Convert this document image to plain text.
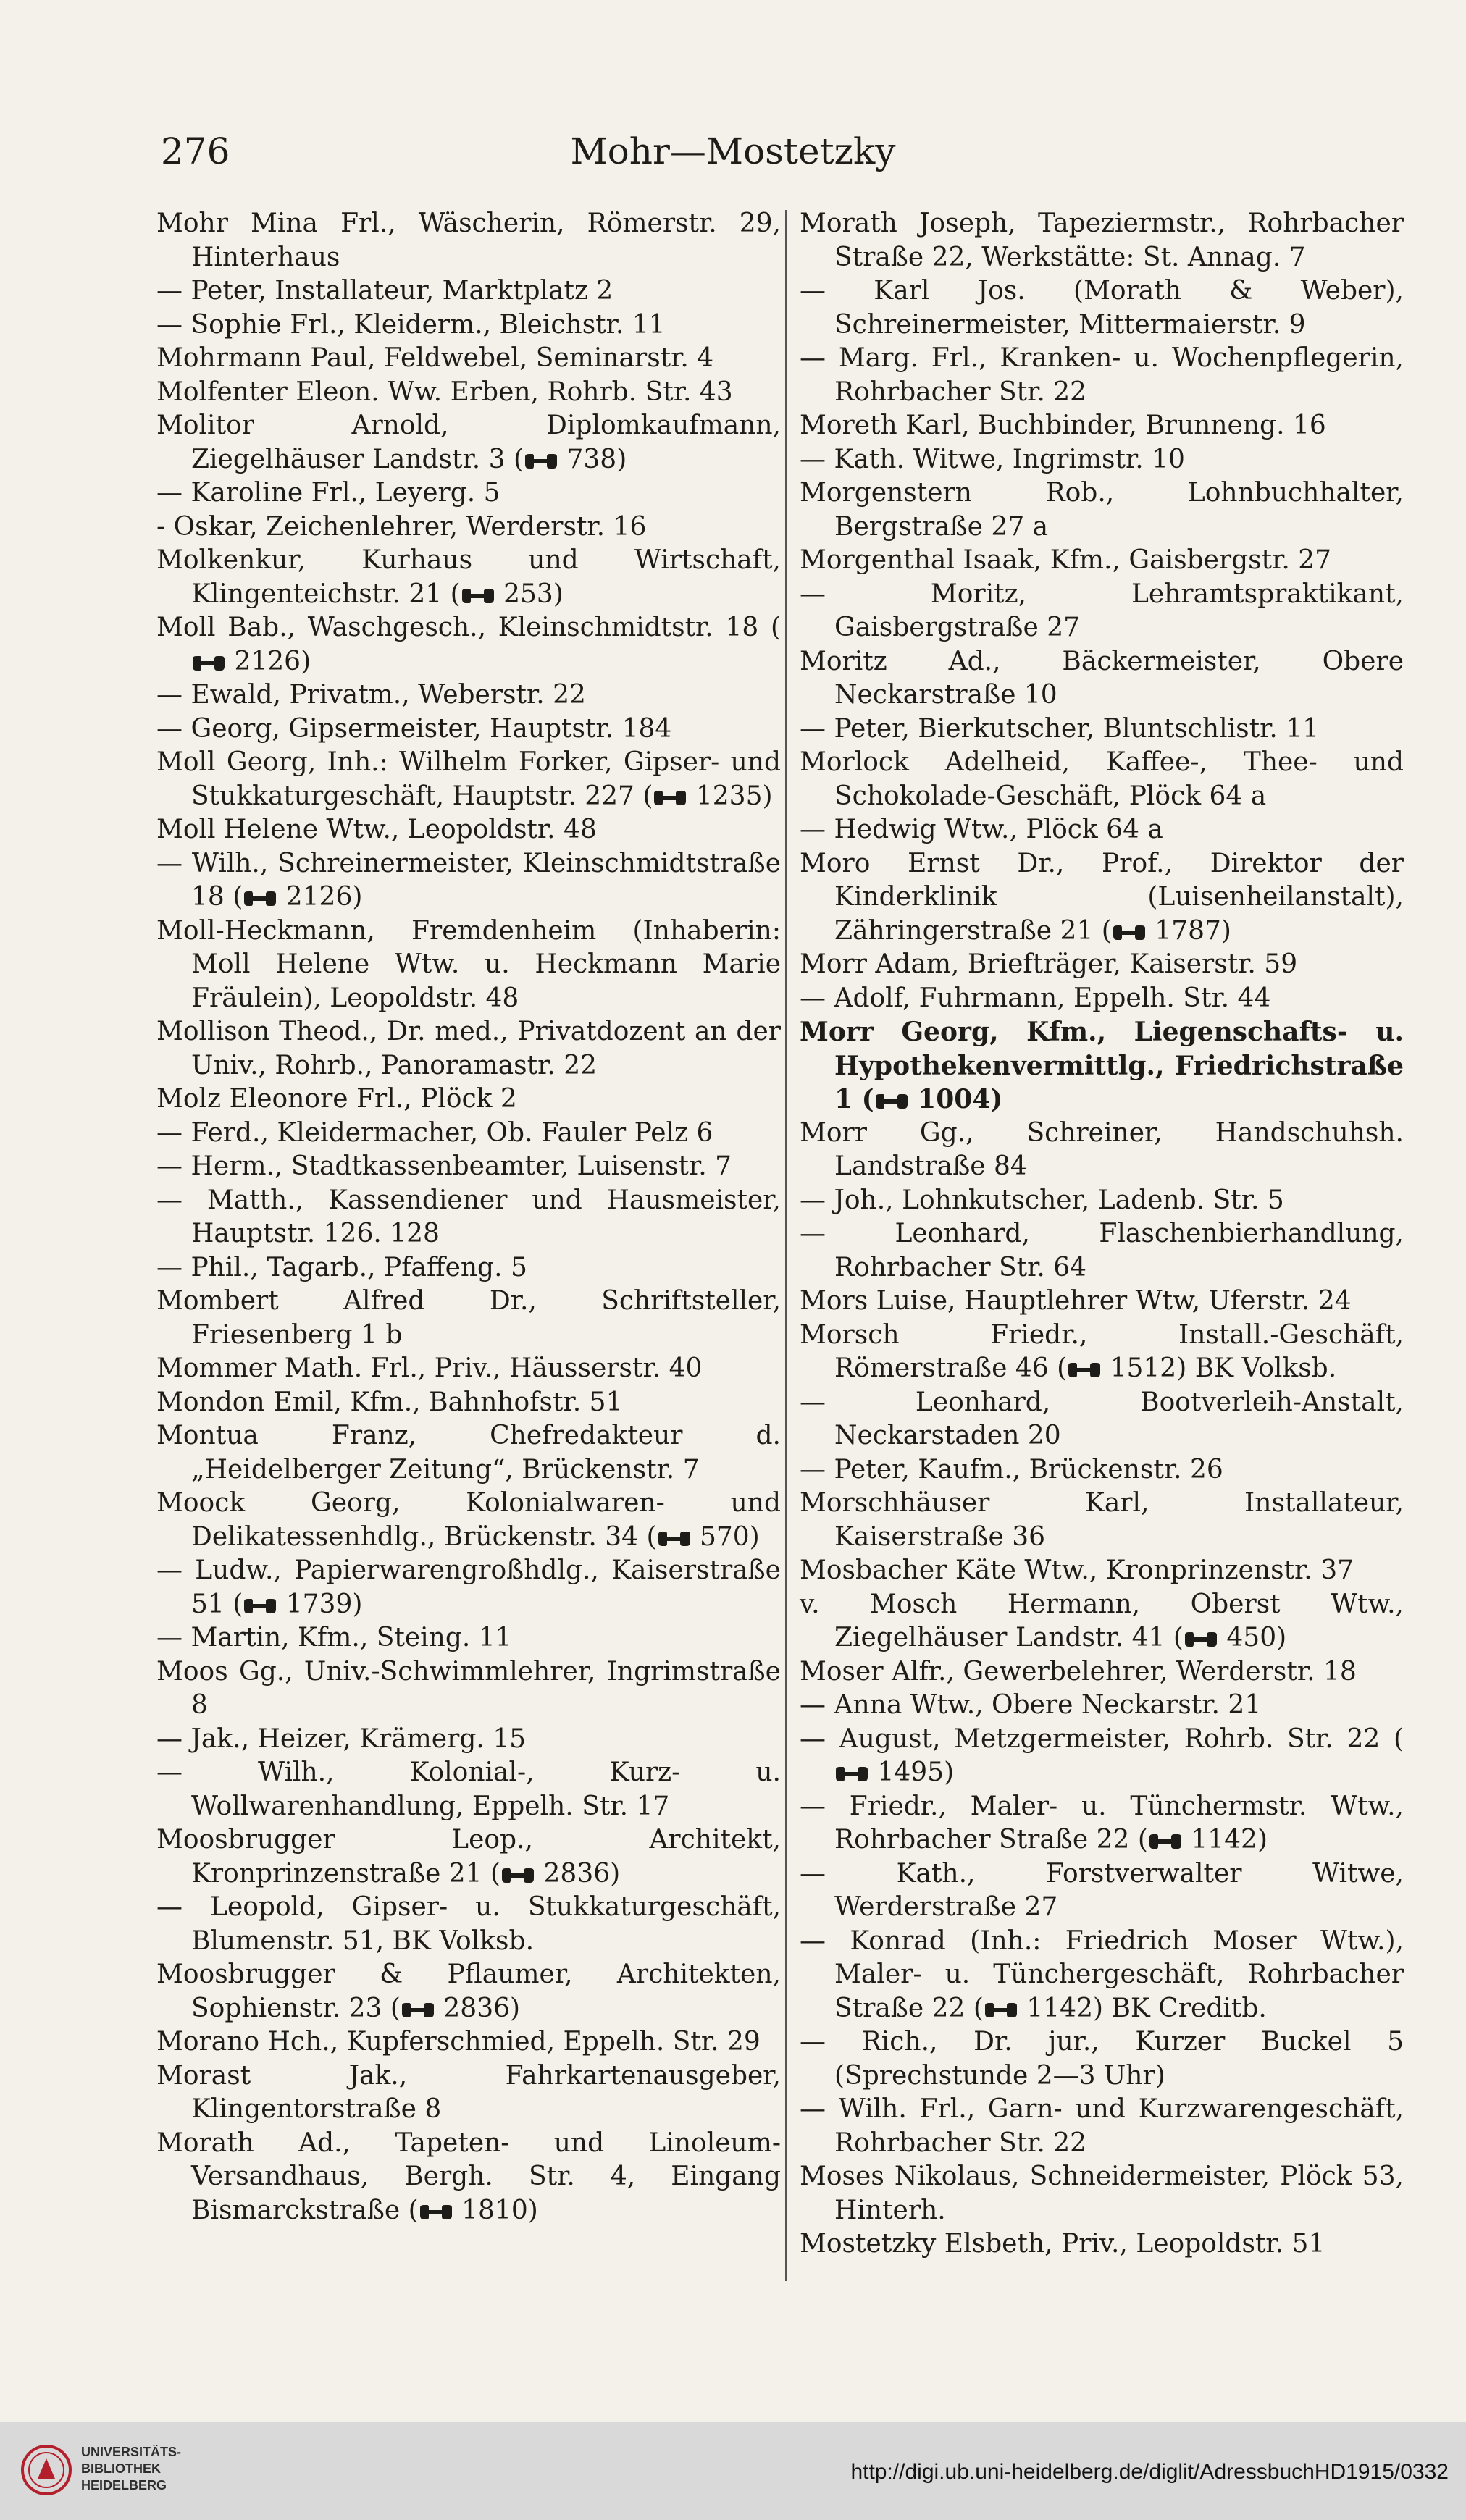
276	Mohr—Mostetzky
Mohr Mina Frl., Wäscherin, Römerstr. 29, Hinterhaus
— Peter, Installateur, Marktplatz 2
— Sophie Frl., Kleiderm., Bleichstr. 11
Mohrmann Paul, Feldwebel, Seminarstr. 4
Molfenter Eleon. Ww. Erben, Rohrb. Str. 43
Molitor Arnold, Diplomkaufmann, Ziegelhäuser Landstr. 3 ( 738)
— Karoline Frl., Leyerg. 5
- Oskar, Zeichenlehrer, Werderstr. 16
Molkenkur, Kurhaus und Wirtschaft, Klingenteichstr. 21 ( 253)
Moll Bab., Waschgesch., Kleinschmidtstr. 18 ( 2126)
— Ewald, Privatm., Weberstr. 22
— Georg, Gipsermeister, Hauptstr. 184
Moll Georg, Inh.: Wilhelm Forker, Gipser- und Stukkaturgeschäft, Hauptstr. 227 ( 1235)
Moll Helene Wtw., Leopoldstr. 48
— Wilh., Schreinermeister, Kleinschmidtstraße 18 ( 2126)
Moll-Heckmann, Fremdenheim (Inhaberin: Moll Helene Wtw. u. Heckmann Marie Fräulein), Leopoldstr. 48
Mollison Theod., Dr. med., Privatdozent an der Univ., Rohrb., Panoramastr. 22
Molz Eleonore Frl., Plöck 2
— Ferd., Kleidermacher, Ob. Fauler Pelz 6
— Herm., Stadtkassenbeamter, Luisenstr. 7
— Matth., Kassendiener und Hausmeister, Hauptstr. 126. 128
— Phil., Tagarb., Pfaffeng. 5
Mombert Alfred Dr., Schriftsteller, Friesenberg 1 b
Mommer Math. Frl., Priv., Häusserstr. 40
Mondon Emil, Kfm., Bahnhofstr. 51
Montua Franz, Chefredakteur d. „Heidelberger Zeitung“, Brückenstr. 7
Moock Georg, Kolonialwaren- und Delikatessenhdlg., Brückenstr. 34 ( 570)
— Ludw., Papierwarengroßhdlg., Kaiserstraße 51 ( 1739)
— Martin, Kfm., Steing. 11
Moos Gg., Univ.-Schwimmlehrer, Ingrimstraße 8
— Jak., Heizer, Krämerg. 15
— Wilh., Kolonial-, Kurz- u. Wollwarenhandlung, Eppelh. Str. 17
Moosbrugger Leop., Architekt, Kronprinzenstraße 21 ( 2836)
— Leopold, Gipser- u. Stukkaturgeschäft, Blumenstr. 51, BK Volksb.
Moosbrugger & Pflaumer, Architekten, Sophienstr. 23 ( 2836)
Morano Hch., Kupferschmied, Eppelh. Str. 29
Morast Jak., Fahrkartenausgeber, Klingentorstraße 8
Morath Ad., Tapeten- und Linoleum-Versandhaus, Bergh. Str. 4, Eingang Bismarckstraße ( 1810)
Morath Joseph, Tapeziermstr., Rohrbacher Straße 22, Werkstätte: St. Annag. 7
— Karl Jos. (Morath & Weber), Schreinermeister, Mittermaierstr. 9
— Marg. Frl., Kranken- u. Wochenpflegerin, Rohrbacher Str. 22
Moreth Karl, Buchbinder, Brunneng. 16
— Kath. Witwe, Ingrimstr. 10
Morgenstern Rob., Lohnbuchhalter, Bergstraße 27 a
Morgenthal Isaak, Kfm., Gaisbergstr. 27
— Moritz, Lehramtspraktikant, Gaisbergstraße 27
Moritz Ad., Bäckermeister, Obere Neckarstraße 10
— Peter, Bierkutscher, Bluntschlistr. 11
Morlock Adelheid, Kaffee-, Thee- und Schokolade-Geschäft, Plöck 64 a
— Hedwig Wtw., Plöck 64 a
Moro Ernst Dr., Prof., Direktor der Kinderklinik (Luisenheilanstalt), Zähringerstraße 21 ( 1787)
Morr Adam, Briefträger, Kaiserstr. 59
— Adolf, Fuhrmann, Eppelh. Str. 44
Morr Georg, Kfm., Liegenschafts- u. Hypothekenvermittlg., Friedrichstraße 1 ( 1004)
Morr Gg., Schreiner, Handschuhsh. Landstraße 84
— Joh., Lohnkutscher, Ladenb. Str. 5
— Leonhard, Flaschenbierhandlung, Rohrbacher Str. 64
Mors Luise, Hauptlehrer Wtw, Uferstr. 24
Morsch Friedr., Install.-Geschäft, Römerstraße 46 ( 1512) BK Volksb.
— Leonhard, Bootverleih-Anstalt, Neckarstaden 20
— Peter, Kaufm., Brückenstr. 26
Morschhäuser Karl, Installateur, Kaiserstraße 36
Mosbacher Käte Wtw., Kronprinzenstr. 37
v. Mosch Hermann, Oberst Wtw., Ziegelhäuser Landstr. 41 ( 450)
Moser Alfr., Gewerbelehrer, Werderstr. 18
— Anna Wtw., Obere Neckarstr. 21
— August, Metzgermeister, Rohrb. Str. 22 ( 1495)
— Friedr., Maler- u. Tünchermstr. Wtw., Rohrbacher Straße 22 ( 1142)
— Kath., Forstverwalter Witwe, Werderstraße 27
— Konrad (Inh.: Friedrich Moser Wtw.), Maler- u. Tünchergeschäft, Rohrbacher Straße 22 ( 1142) BK Creditb.
— Rich., Dr. jur., Kurzer Buckel 5 (Sprechstunde 2—3 Uhr)
— Wilh. Frl., Garn- und Kurzwarengeschäft, Rohrbacher Str. 22
Moses Nikolaus, Schneidermeister, Plöck 53, Hinterh.
Mostetzky Elsbeth, Priv., Leopoldstr. 51
UNIVERSITÄTS-
BIBLIOTHEK
HEIDELBERG
http://digi.ub.uni-heidelberg.de/diglit/AdressbuchHD1915/0332
